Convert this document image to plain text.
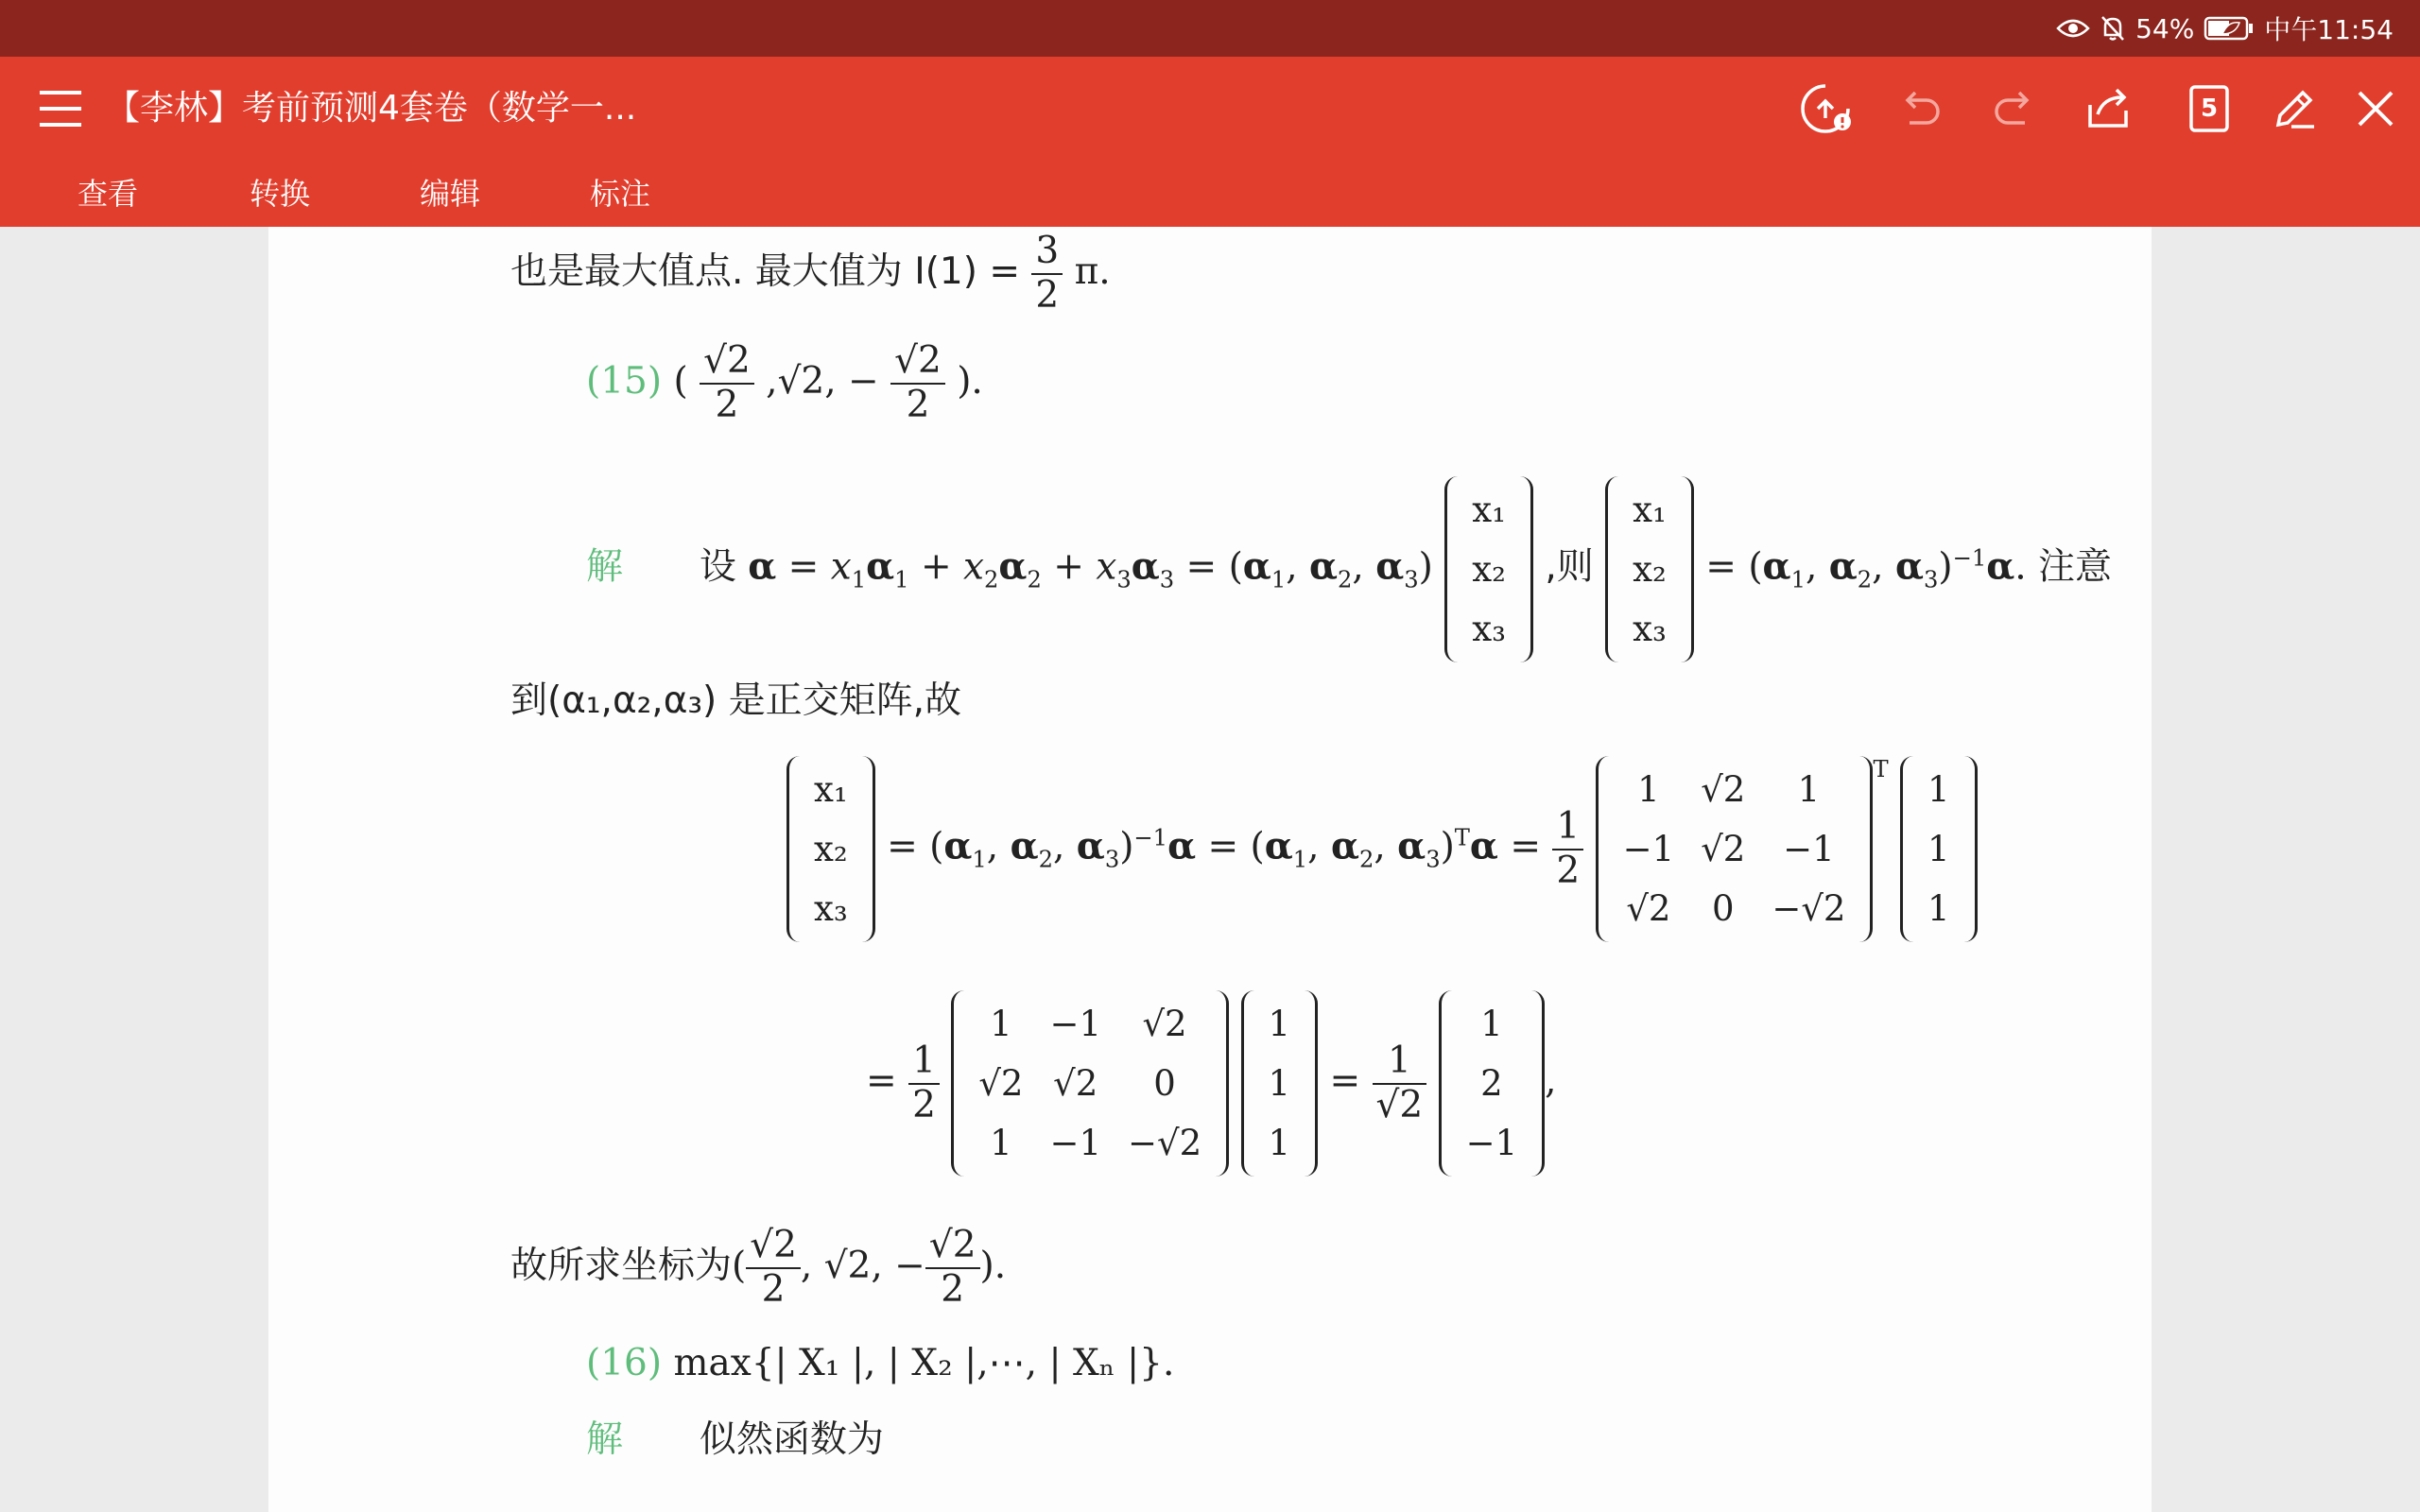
54%	中午11:54
【李林】考前预测4套卷（数学一...	5
查看	转换	编辑	标注
也是最大值点. 最大值为 $I(1) = \frac{3}{2} \pi$.
(15) ( $\frac{√2}{2} ,√2$, − $\frac{√2}{2}$ ).
解 设 $\alpha = x_1\alpha_1 + x_2\alpha_2 + x_3\alpha_3 = (\alpha_1$, $\alpha_2$, $\alpha_3$)
x₁
x₂
x₃
,则
x₁
x₂
x₃
= ($\alpha_1$, $\alpha_2$, $\alpha_3)^{-1}\alpha$. 注意
到(α₁,α₂,α₃) 是正交矩阵,故
x₁
x₂
x₃
= ($\alpha_1$, $\alpha_2$, $\alpha_3)^{-1}\alpha = (\alpha_1$, $\alpha_2$, $\alpha_3)^T\alpha = \frac{1}{2}$

1	√2	1
−1	√2	−1
√2	0	−√2
$^T$ 1
1
1
= $\frac{1}{2}$

1	−1	√2
√2	√2	0
1	−1	−√2

1
1
1
= $\frac{1}{√2}$

1
2
−1
,
故所求坐标为( $\frac{√2}{2}$ , √2, − $\frac{√2}{2}$ ).
(16) max{| X₁ |, | X₂ |,⋯, | Xₙ |}.
解 似然函数为
